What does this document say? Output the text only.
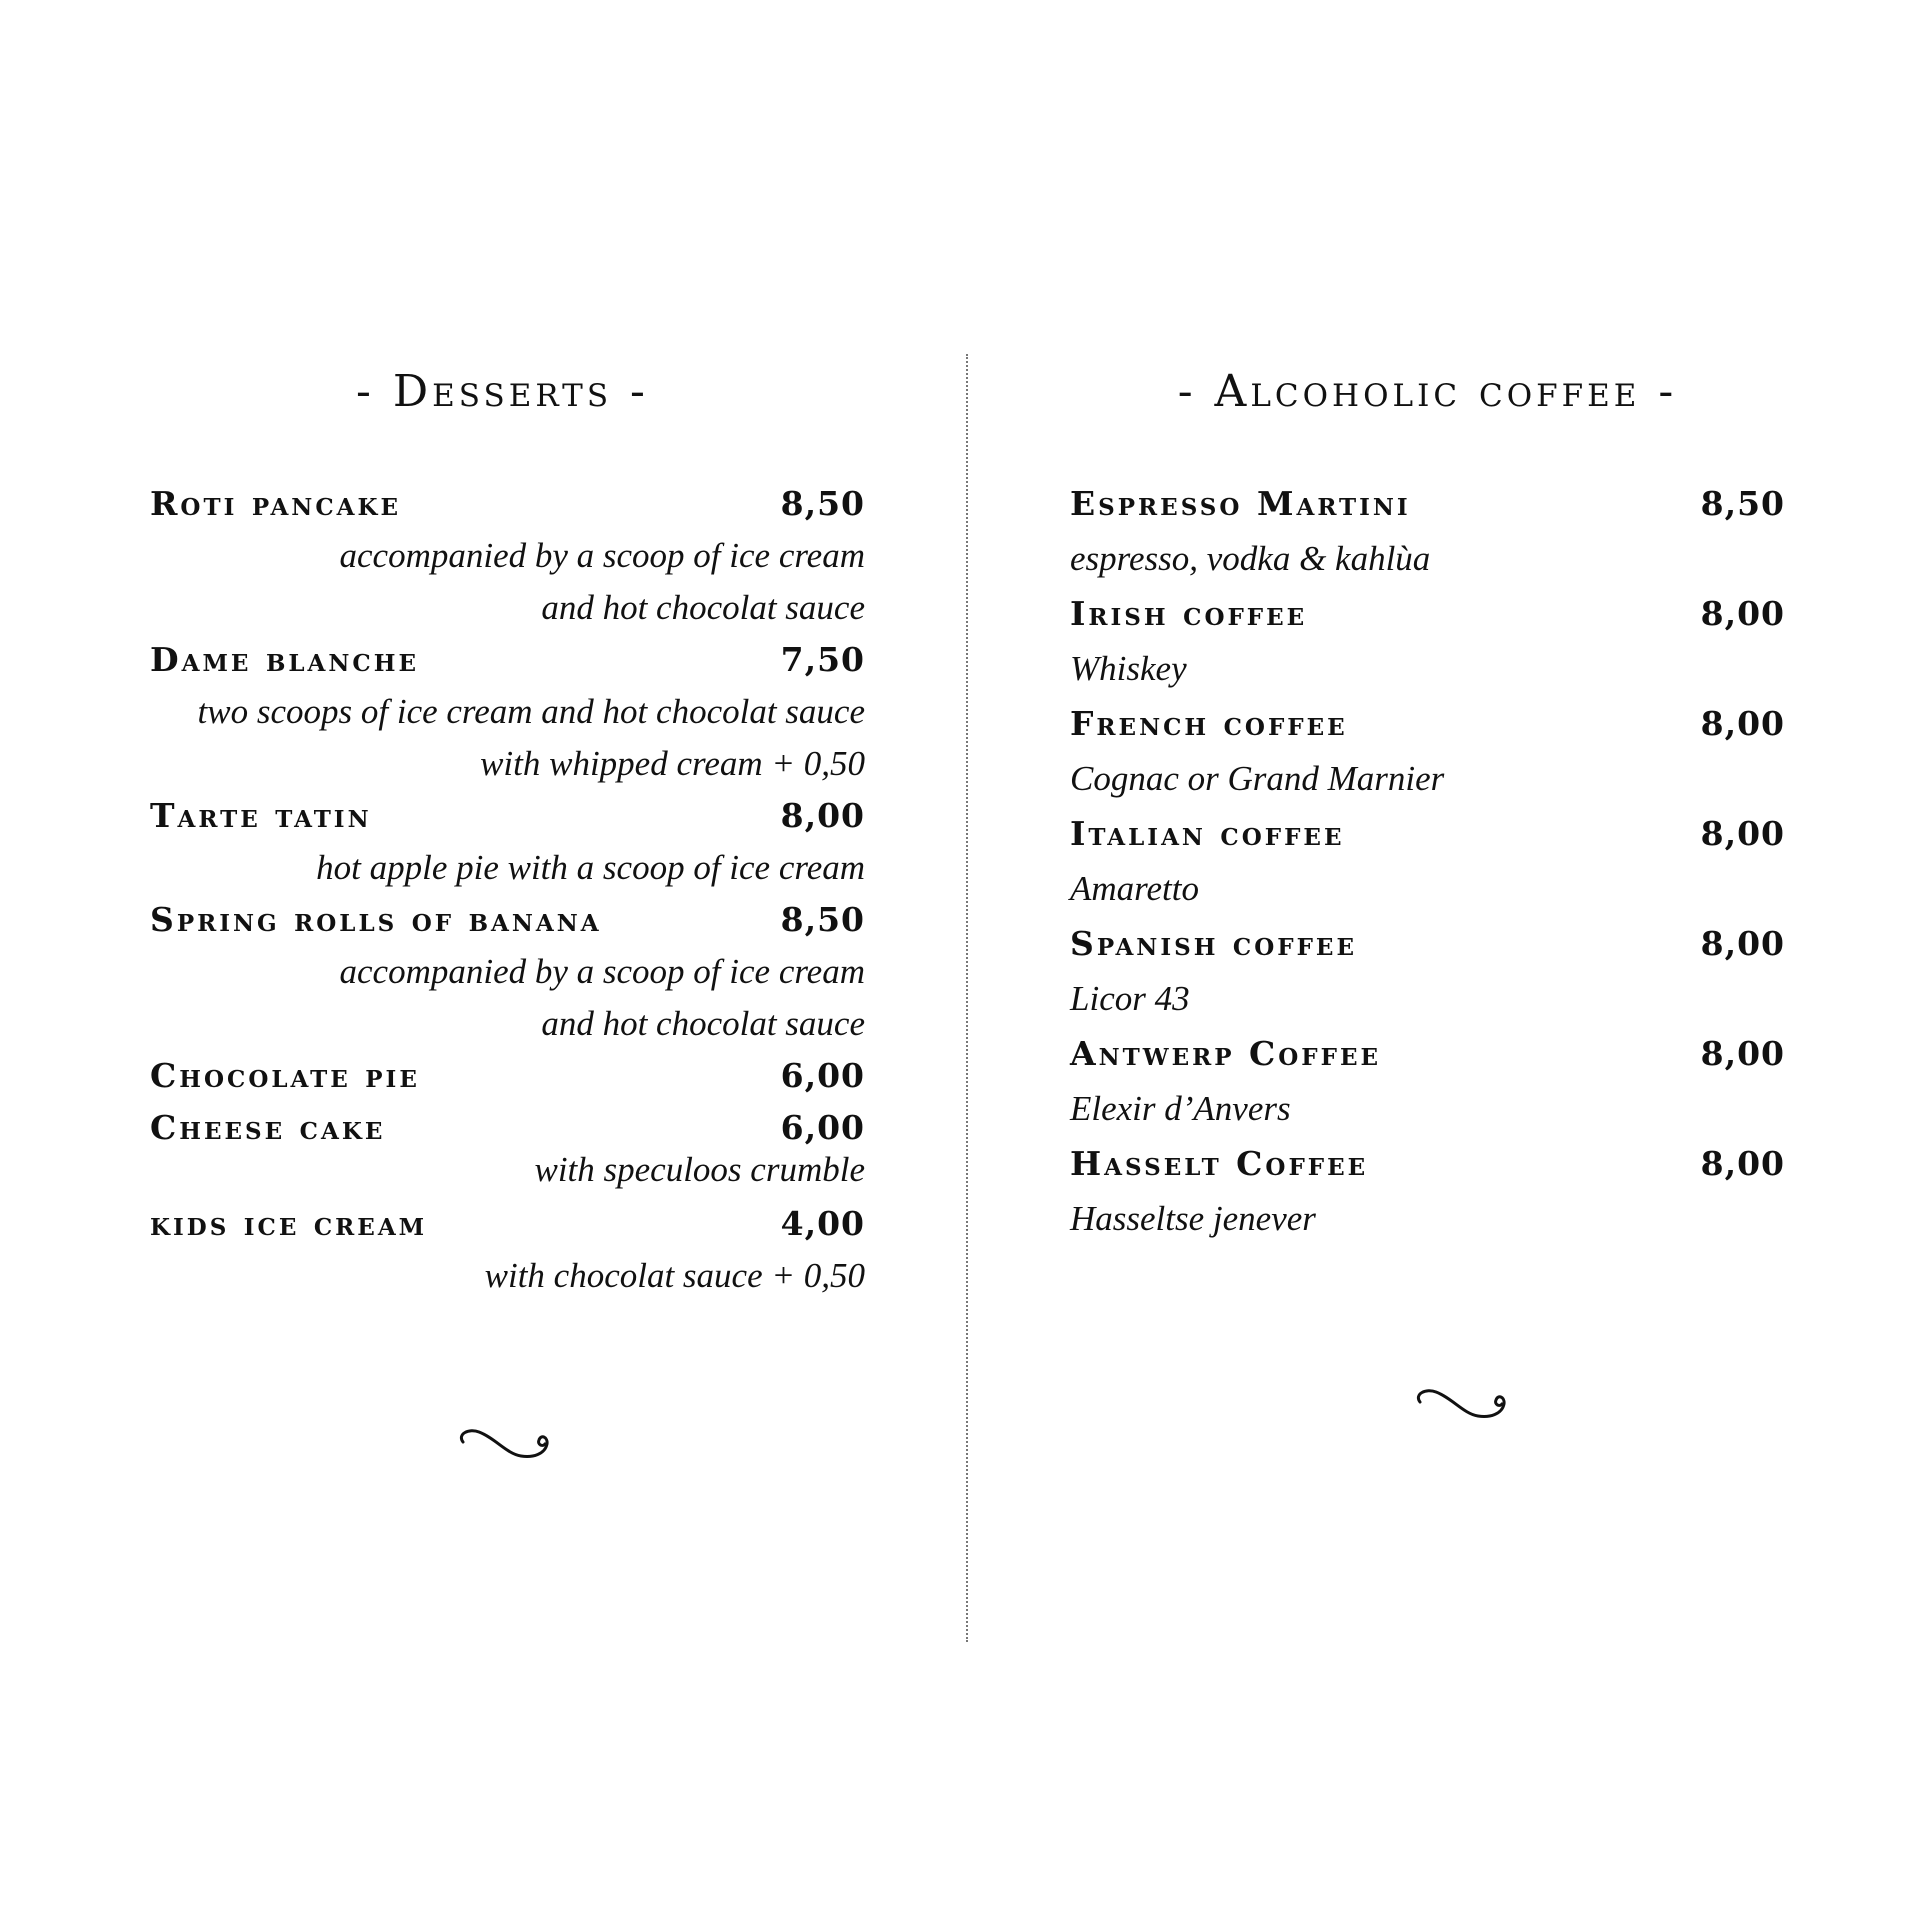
- Desserts -
Roti pancake	8,50
accompanied by a scoop of ice cream
and hot chocolat sauce
Dame blanche	7,50
two scoops of ice cream and hot chocolat sauce
with whipped cream + 0,50
Tarte tatin	8,00
hot apple pie with a scoop of ice cream
Spring rolls of banana	8,50
accompanied by a scoop of ice cream
and hot chocolat sauce
Chocolate pie	6,00
Cheese cake	6,00
with speculoos crumble
kids ice cream	4,00
with chocolat sauce + 0,50
- Alcoholic coffee -
Espresso Martini	8,50
espresso, vodka & kahlùa
Irish coffee	8,00
Whiskey
French coffee	8,00
Cognac or Grand Marnier
Italian coffee	8,00
Amaretto
Spanish coffee	8,00
Licor 43
Antwerp Coffee	8,00
Elexir d’Anvers
Hasselt Coffee	8,00
Hasseltse jenever
